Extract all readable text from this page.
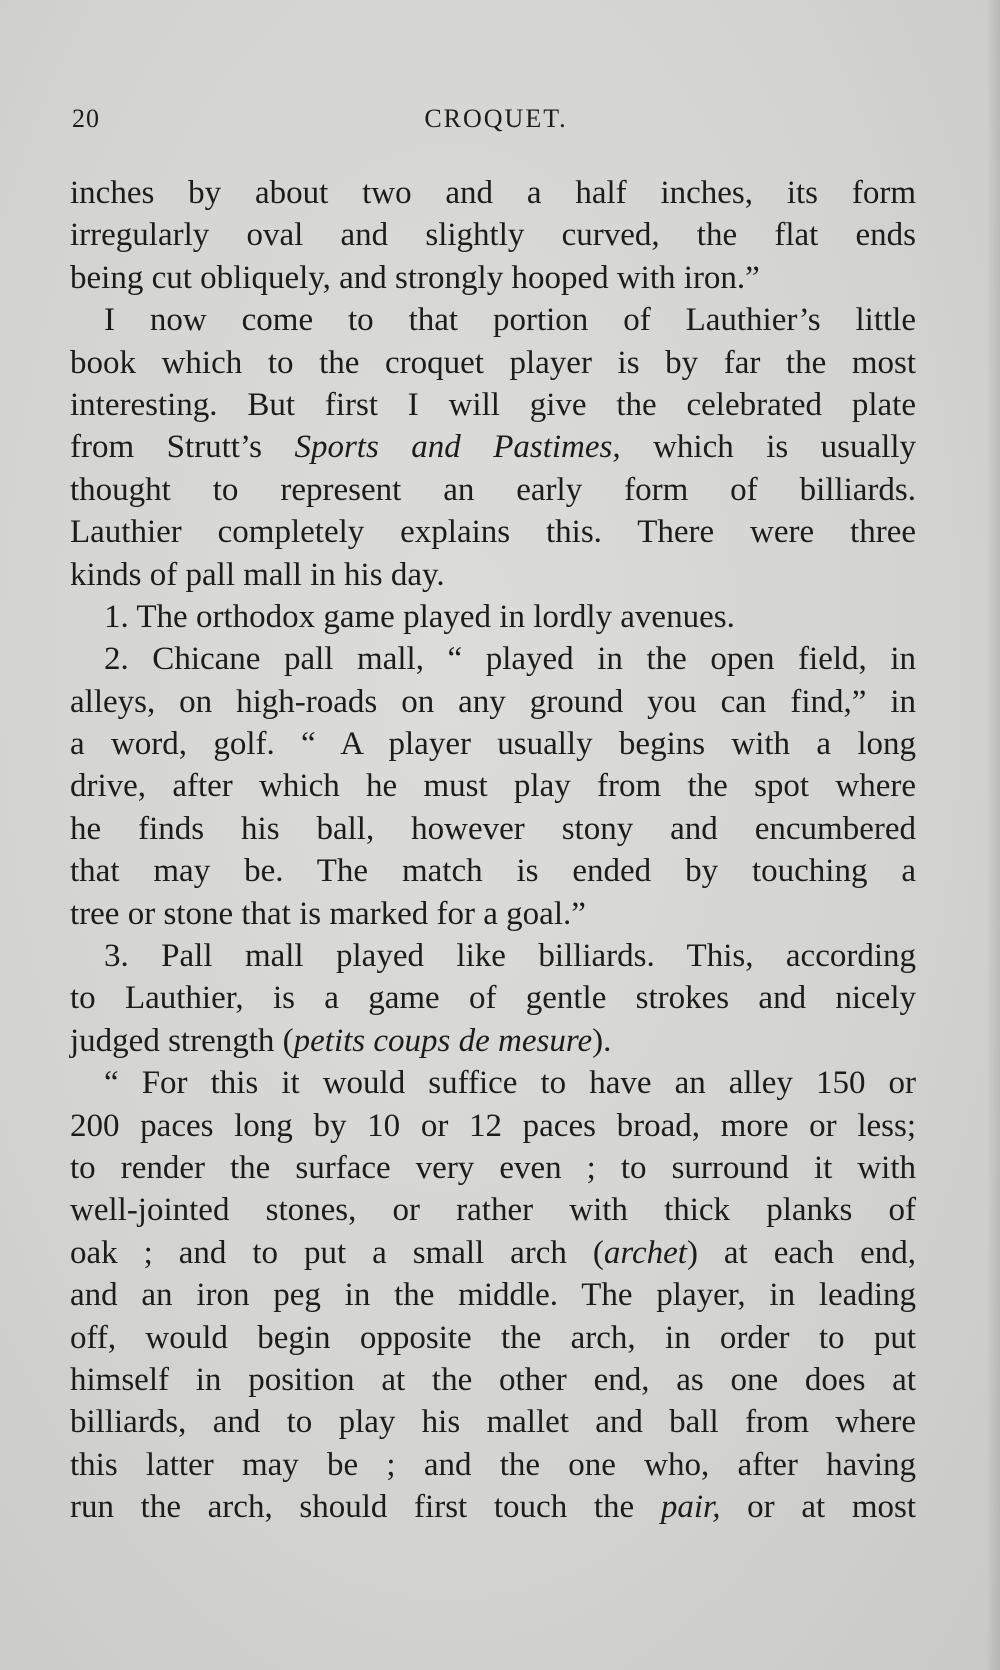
20	CROQUET.
inches by about two and a half inches, its form
irregularly oval and slightly curved, the flat ends
being cut obliquely, and strongly hooped with iron.”
I now come to that portion of Lauthier’s little
book which to the croquet player is by far the most
interesting. But first I will give the celebrated plate
from Strutt’s Sports and Pastimes, which is usually
thought to represent an early form of billiards.
Lauthier completely explains this. There were three
kinds of pall mall in his day.
1. The orthodox game played in lordly avenues.
2. Chicane pall mall, “ played in the open field, in
alleys, on high-roads on any ground you can find,” in
a word, golf. “ A player usually begins with a long
drive, after which he must play from the spot where
he finds his ball, however stony and encumbered
that may be. The match is ended by touching a
tree or stone that is marked for a goal.”
3. Pall mall played like billiards. This, according
to Lauthier, is a game of gentle strokes and nicely
judged strength (petits coups de mesure).
“ For this it would suffice to have an alley 150 or
200 paces long by 10 or 12 paces broad, more or less;
to render the surface very even ; to surround it with
well-jointed stones, or rather with thick planks of
oak ; and to put a small arch (archet) at each end,
and an iron peg in the middle. The player, in leading
off, would begin opposite the arch, in order to put
himself in position at the other end, as one does at
billiards, and to play his mallet and ball from where
this latter may be ; and the one who, after having
run the arch, should first touch the pair, or at most
